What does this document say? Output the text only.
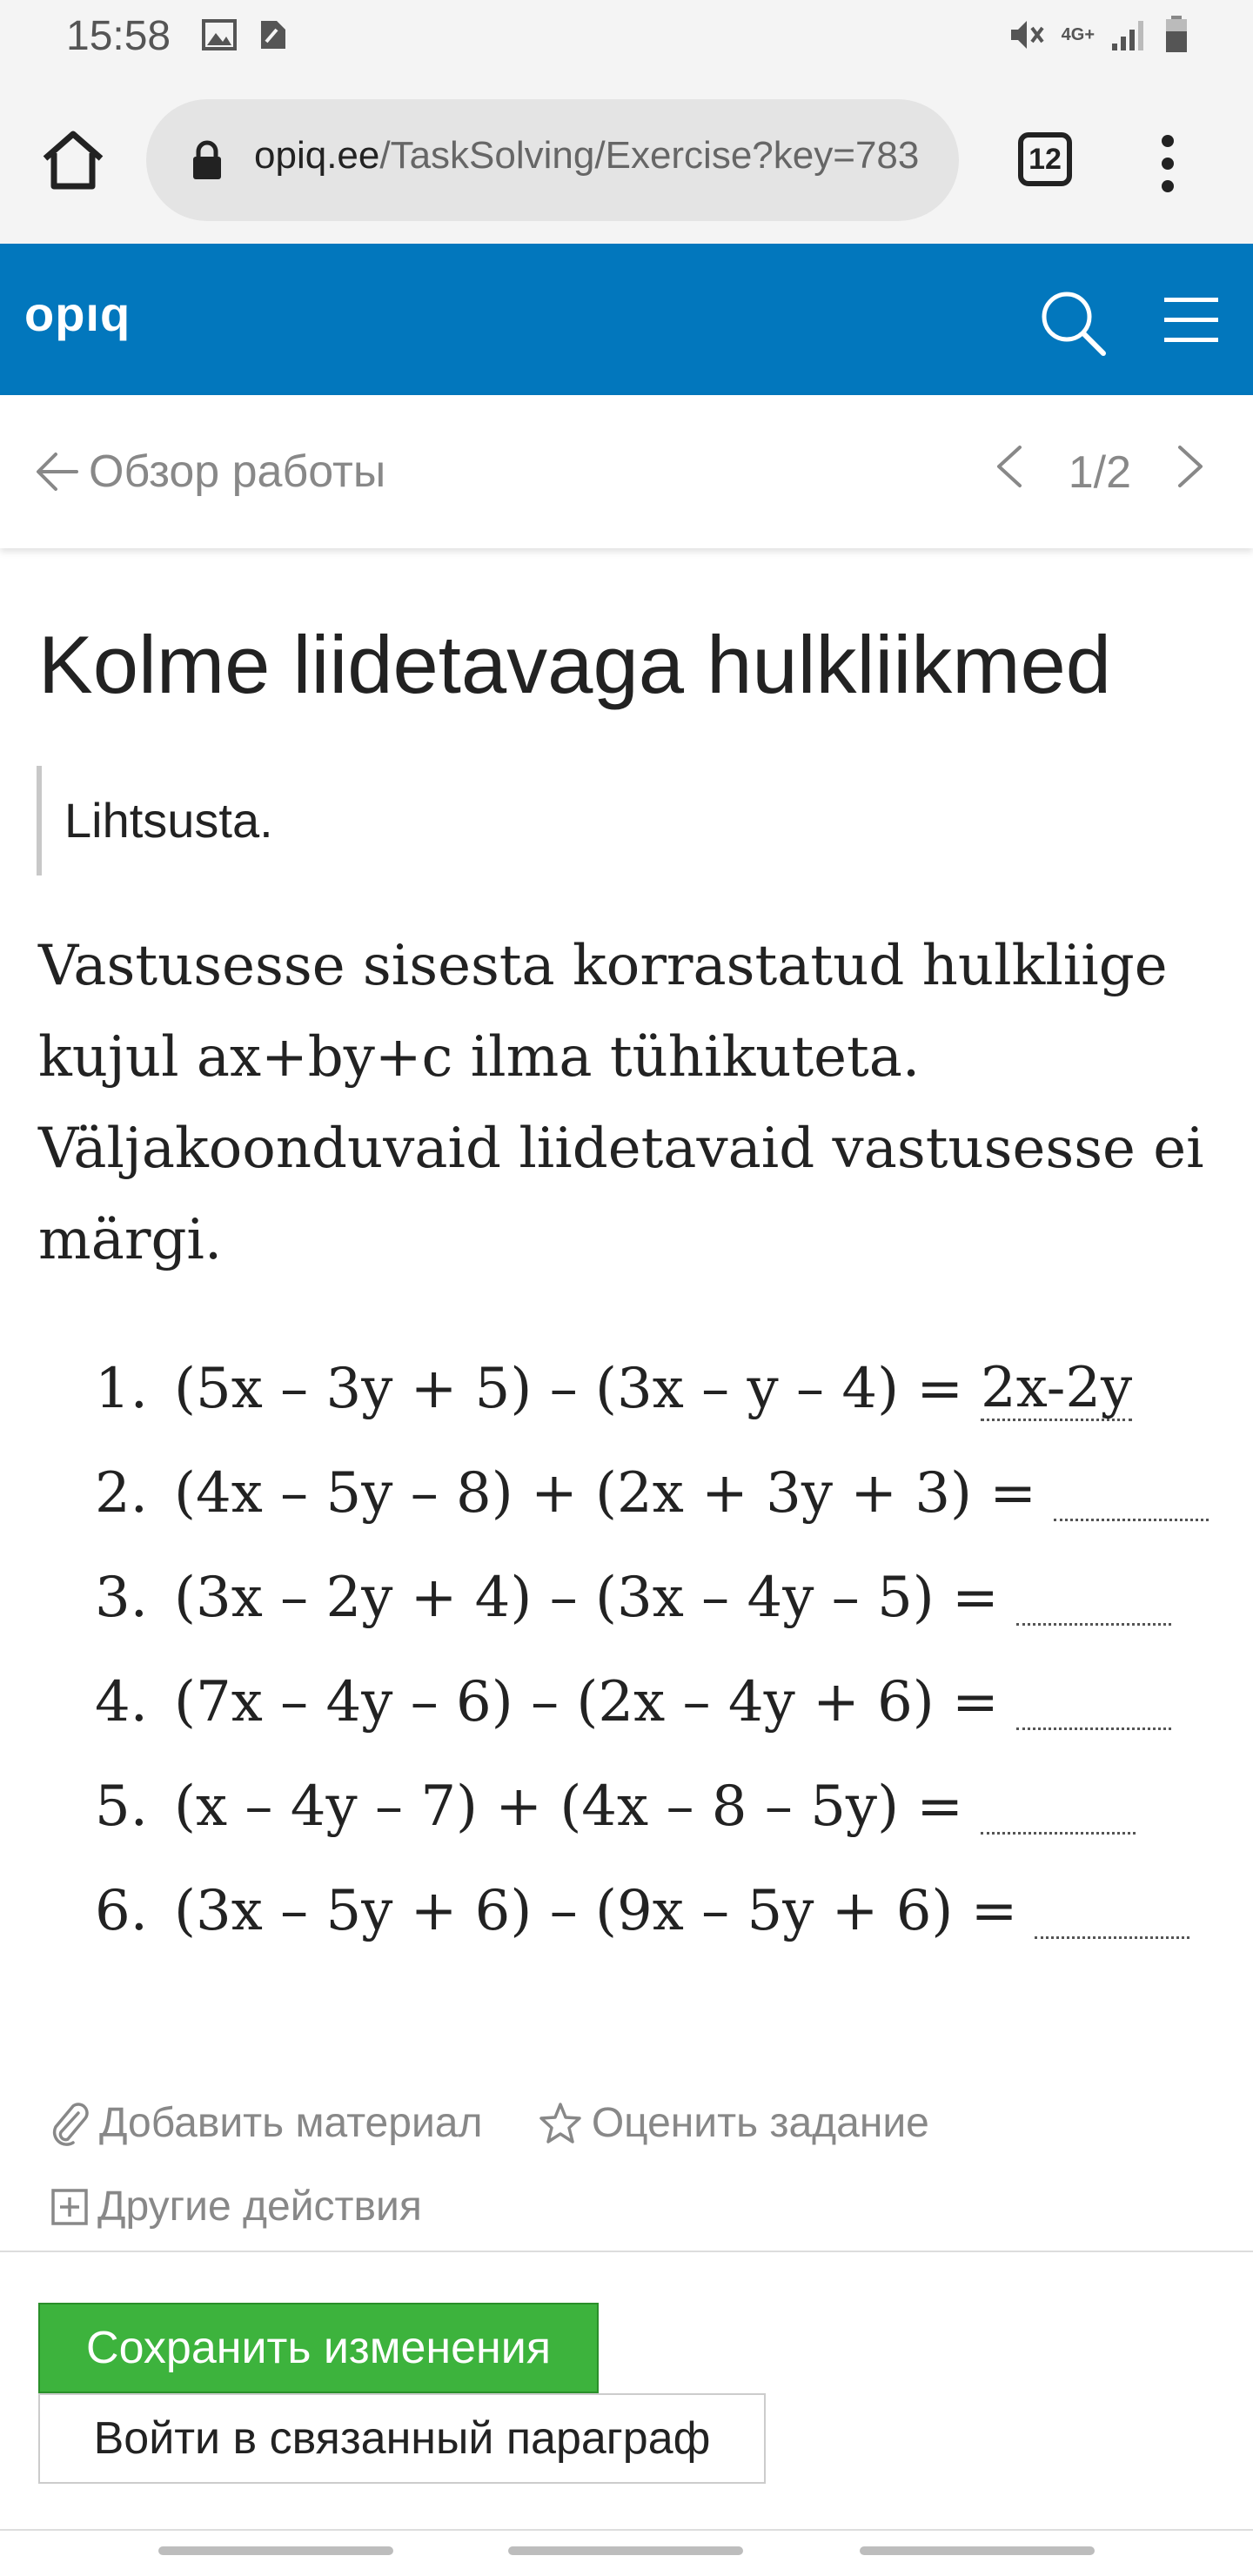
15:58	4G+
opiq.ee/TaskSolving/Exercise?key=783	12
opıq
Обзор работы	1/2
Kolme liidetavaga hulkliikmed
Lihtsusta.

Vastusesse sisesta korrastatud hulkliige kujul ax+by+c ilma tühikuteta. Väljakoonduvaid liidetavaid vastusesse ei märgi.

1. (5x – 3y + 5) – (3x – y – 4) = 2x-2y
2. (4x – 5y – 8) + (2x + 3y + 3) =
3. (3x – 2y + 4) – (3x – 4y – 5) =
4. (7x – 4y – 6) – (2x – 4y + 6) =
5. (x – 4y – 7) + (4x – 8 – 5y) =
6. (3x – 5y + 6) – (9x – 5y + 6) =
Добавить материал
	Оценить задание
Другие действия
Сохранить изменения
Войти в связанный параграф
